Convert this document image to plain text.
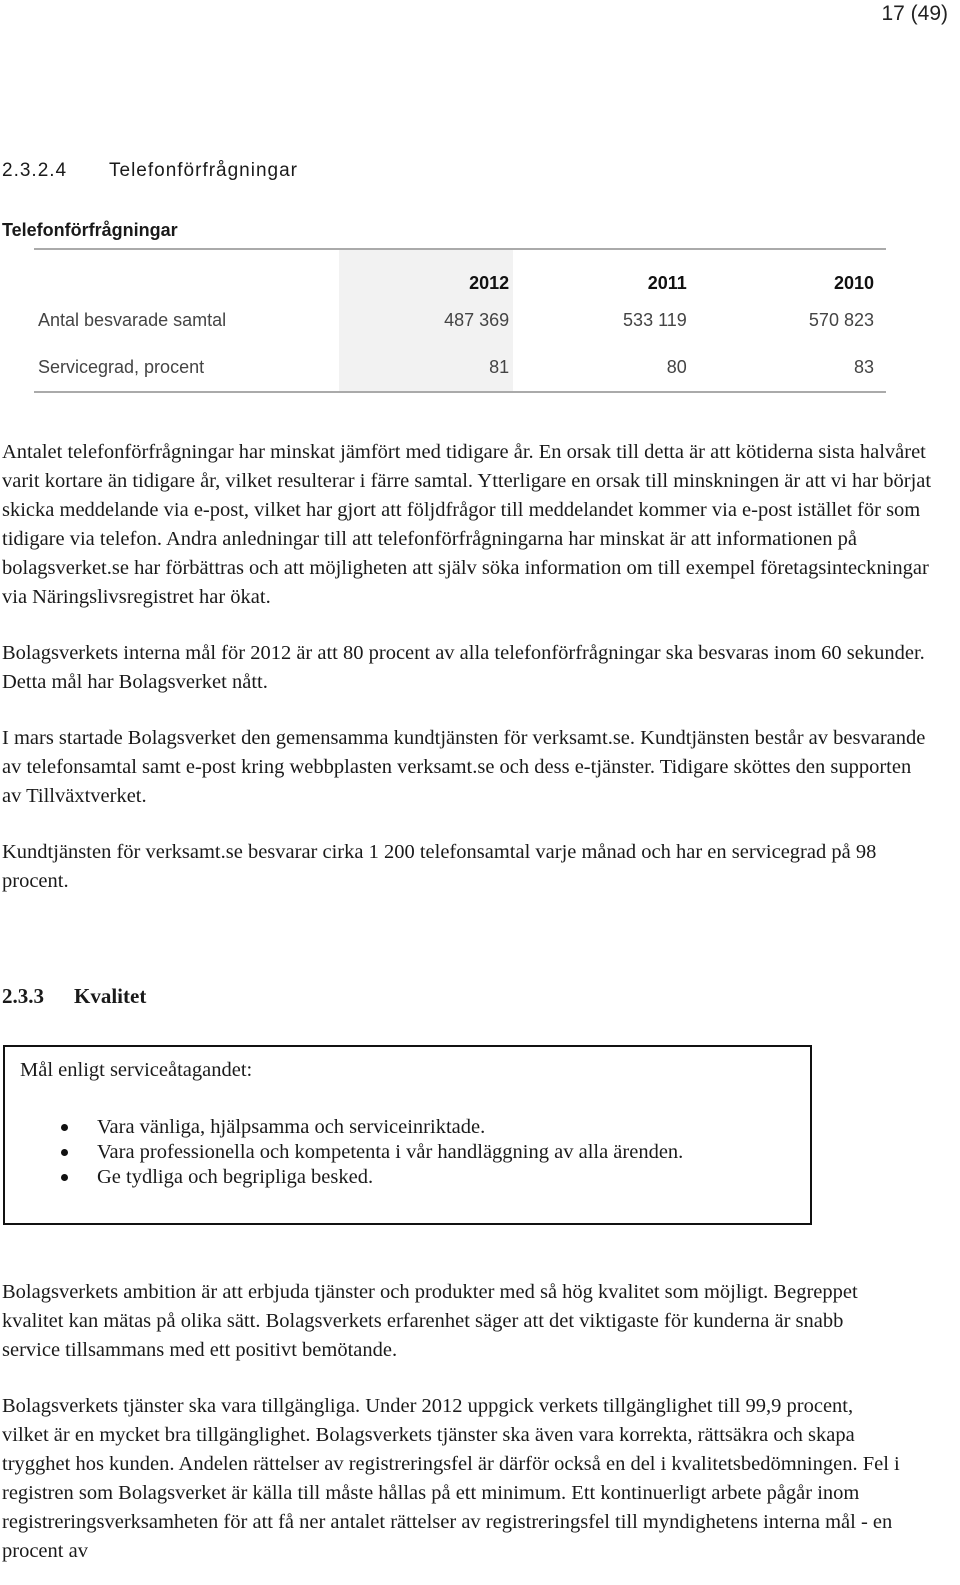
17 (49)
2.3.2.4 Telefonförfrågningar
Telefonförfrågningar
	2012	2011	2010
Antal besvarade samtal	487 369	533 119	570 823
Servicegrad, procent	81	80	83

Antalet telefonförfrågningar har minskat jämfört med tidigare år. En orsak till detta är att kötiderna sista halvåret varit kortare än tidigare år, vilket resulterar i färre samtal. Ytterligare en orsak till minskningen är att vi har börjat skicka meddelande via e-post, vilket har gjort att följdfrågor till meddelandet kommer via e-post istället för som tidigare via telefon. Andra anledningar till att telefonförfrågningarna har minskat är att informationen på bolagsverket.se har förbättras och att möjligheten att själv söka information om till exempel företagsinteckningar via Näringslivsregistret har ökat.

Bolagsverkets interna mål för 2012 är att 80 procent av alla telefonförfrågningar ska besvaras inom 60 sekunder. Detta mål har Bolagsverket nått.

I mars startade Bolagsverket den gemensamma kundtjänsten för verksamt.se. Kundtjänsten består av besvarande av telefonsamtal samt e-post kring webbplasten verksamt.se och dess e-tjänster. Tidigare sköttes den supporten av Tillväxtverket.

Kundtjänsten för verksamt.se besvarar cirka 1 200 telefonsamtal varje månad och har en servicegrad på 98 procent.

2.3.3 Kvalitet
Mål enligt serviceåtagandet:
Vara vänliga, hjälpsamma och serviceinriktade.
Vara professionella och kompetenta i vår handläggning av alla ärenden.
Ge tydliga och begripliga besked.

Bolagsverkets ambition är att erbjuda tjänster och produkter med så hög kvalitet som möjligt. Begreppet kvalitet kan mätas på olika sätt. Bolagsverkets erfarenhet säger att det viktigaste för kunderna är snabb service tillsammans med ett positivt bemötande.

Bolagsverkets tjänster ska vara tillgängliga. Under 2012 uppgick verkets tillgänglighet till 99,9 procent, vilket är en mycket bra tillgänglighet. Bolagsverkets tjänster ska även vara korrekta, rättsäkra och skapa trygghet hos kunden. Andelen rättelser av registreringsfel är därför också en del i kvalitetsbedömningen. Fel i registren som Bolagsverket är källa till måste hållas på ett minimum. Ett kontinuerligt arbete pågår inom registreringsverksamheten för att få ner antalet rättelser av registreringsfel till myndighetens interna mål - en procent av
